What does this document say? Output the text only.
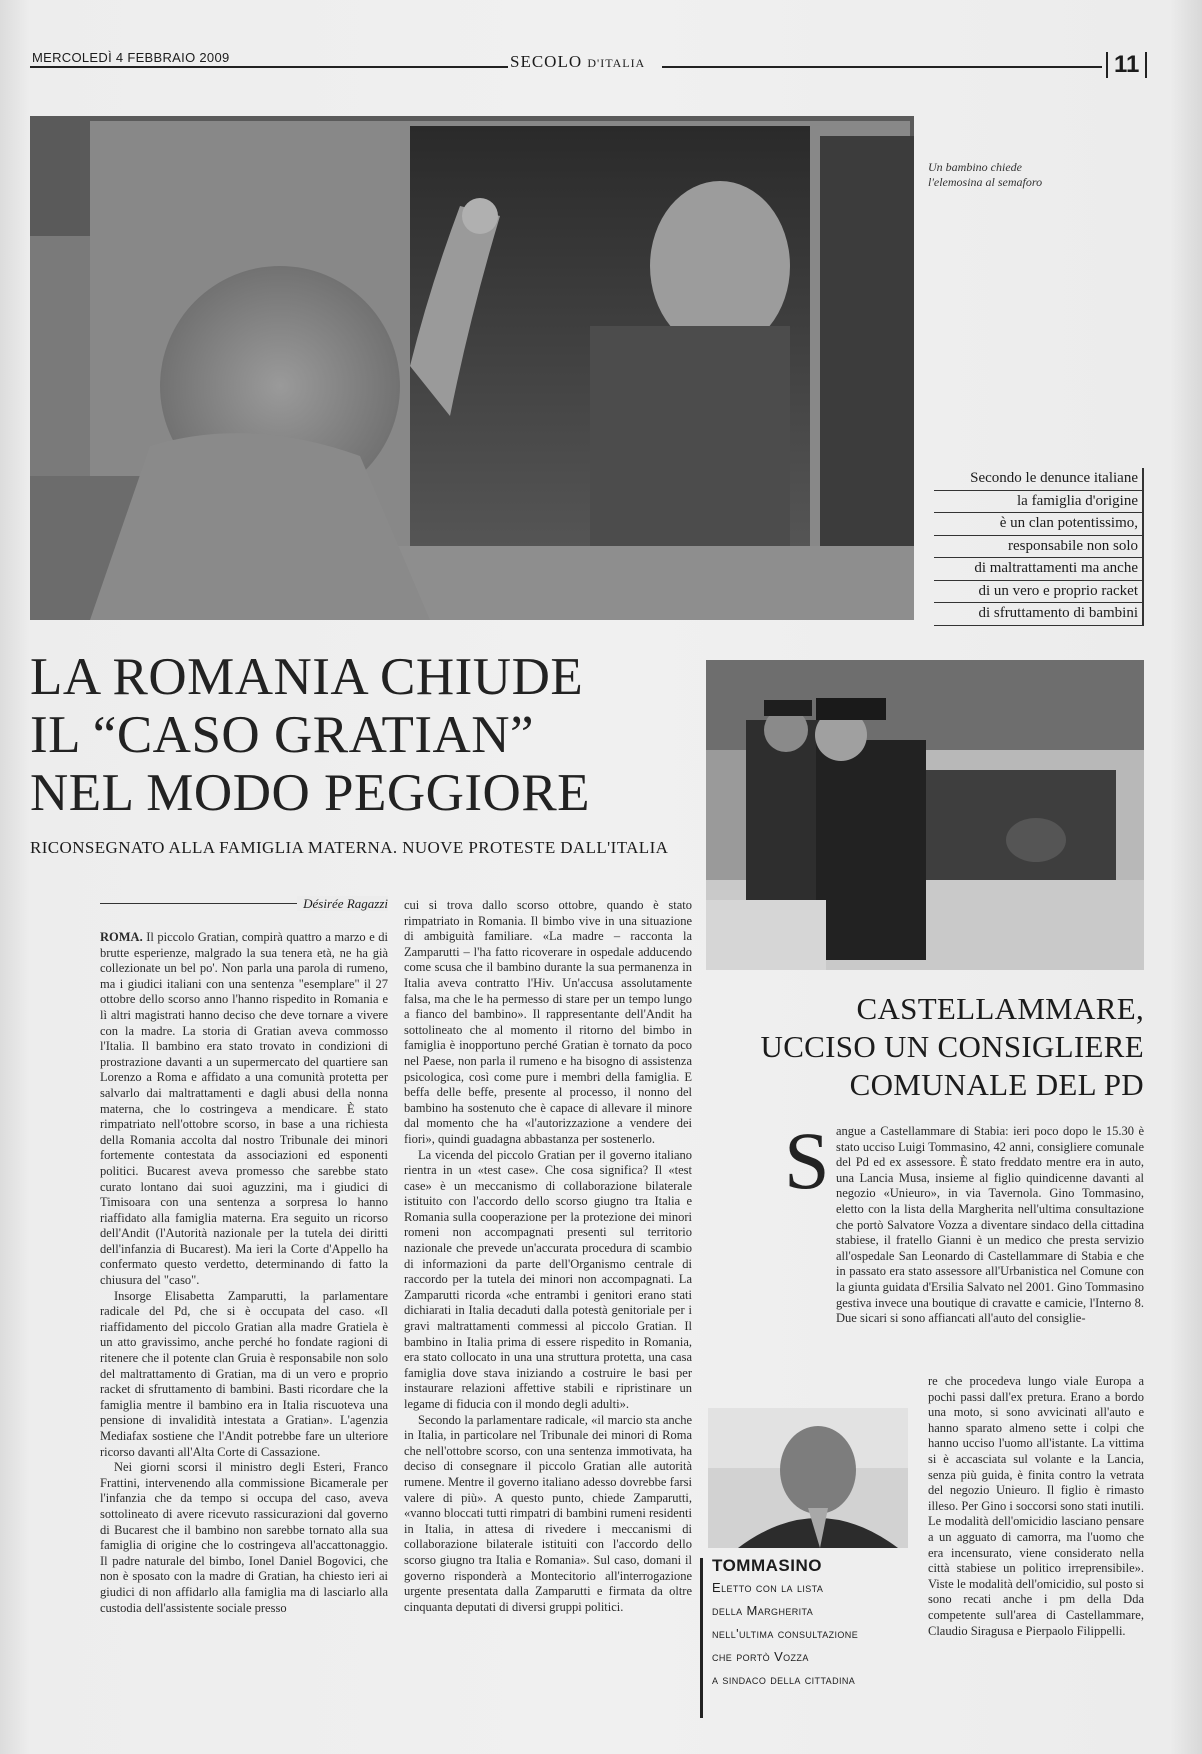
MERCOLEDÌ 4 FEBBRAIO 2009	SECOLO D'ITALIA	11
Un bambino chiede
l'elemosina al semaforo
Secondo le denunce italiane
la famiglia d'origine
è un clan potentissimo,
responsabile non solo
di maltrattamenti ma anche
di un vero e proprio racket
di sfruttamento di bambini
LA ROMANIA CHIUDE
IL “CASO GRATIAN”
NEL MODO PEGGIORE
RICONSEGNATO ALLA FAMIGLIA MATERNA. NUOVE PROTESTE DALL'ITALIA
Désirée Ragazzi

ROMA. Il piccolo Gratian, compirà quattro a marzo e di brutte esperienze, malgrado la sua tenera età, ne ha già collezionate un bel po'. Non parla una parola di rumeno, ma i giudici italiani con una sentenza "esemplare" il 27 ottobre dello scorso anno l'hanno rispedito in Romania e lì altri magistrati hanno deciso che deve tornare a vivere con la madre. La storia di Gratian aveva commosso l'Italia. Il bambino era stato trovato in condizioni di prostrazione davanti a un supermercato del quartiere san Lorenzo a Roma e affidato a una comunità protetta per salvarlo dai maltrattamenti e dagli abusi della nonna materna, che lo costringeva a mendicare. È stato rimpatriato nell'ottobre scorso, in base a una richiesta della Romania accolta dal nostro Tribunale dei minori fortemente contestata da associazioni ed esponenti politici. Bucarest aveva promesso che sarebbe stato curato lontano dai suoi aguzzini, ma i giudici di Timisoara con una sentenza a sorpresa lo hanno riaffidato alla famiglia materna. Era seguito un ricorso dell'Andit (l'Autorità nazionale per la tutela dei diritti dell'infanzia di Bucarest). Ma ieri la Corte d'Appello ha confermato questo verdetto, determinando di fatto la chiusura del "caso".

Insorge Elisabetta Zamparutti, la parlamentare radicale del Pd, che si è occupata del caso. «Il riaffidamento del piccolo Gratian alla madre Gratiela è un atto gravissimo, anche perché ho fondate ragioni di ritenere che il potente clan Gruia è responsabile non solo del maltrattamento di Gratian, ma di un vero e proprio racket di sfruttamento di bambini. Basti ricordare che la famiglia mentre il bambino era in Italia riscuoteva una pensione di invalidità intestata a Gratian». L'agenzia Mediafax sostiene che l'Andit potrebbe fare un ulteriore ricorso davanti all'Alta Corte di Cassazione.

Nei giorni scorsi il ministro degli Esteri, Franco Frattini, intervenendo alla commissione Bicamerale per l'infanzia che da tempo si occupa del caso, aveva sottolineato di avere ricevuto rassicurazioni dal governo di Bucarest che il bambino non sarebbe tornato alla sua famiglia di origine che lo costringeva all'accattonaggio. Il padre naturale del bimbo, Ionel Daniel Bogovici, che non è sposato con la madre di Gratian, ha chiesto ieri ai giudici di non affidarlo alla famiglia ma di lasciarlo alla custodia dell'assistente sociale presso

cui si trova dallo scorso ottobre, quando è stato rimpatriato in Romania. Il bimbo vive in una situazione di ambiguità familiare. «La madre – racconta la Zamparutti – l'ha fatto ricoverare in ospedale adducendo come scusa che il bambino durante la sua permanenza in Italia aveva contratto l'Hiv. Un'accusa assolutamente falsa, ma che le ha permesso di stare per un tempo lungo a fianco del bambino». Il rappresentante dell'Andit ha sottolineato che al momento il ritorno del bimbo in famiglia è inopportuno perché Gratian è tornato da poco nel Paese, non parla il rumeno e ha bisogno di assistenza psicologica, così come pure i membri della famiglia. E beffa delle beffe, presente al processo, il nonno del bambino ha sostenuto che è capace di allevare il minore dal momento che ha «l'autorizzazione a vendere dei fiori», quindi guadagna abbastanza per sostenerlo.

La vicenda del piccolo Gratian per il governo italiano rientra in un «test case». Che cosa significa? Il «test case» è un meccanismo di collaborazione bilaterale istituito con l'accordo dello scorso giugno tra Italia e Romania sulla cooperazione per la protezione dei minori romeni non accompagnati presenti sul territorio nazionale che prevede un'accurata procedura di scambio di informazioni da parte dell'Organismo centrale di raccordo per la tutela dei minori non accompagnati. La Zamparutti ricorda «che entrambi i genitori erano stati dichiarati in Italia decaduti dalla potestà genitoriale per i gravi maltrattamenti commessi al piccolo Gratian. Il bambino in Italia prima di essere rispedito in Romania, era stato collocato in una una struttura protetta, una casa famiglia dove stava iniziando a costruire le basi per instaurare relazioni affettive stabili e ripristinare un legame di fiducia con il mondo degli adulti».

Secondo la parlamentare radicale, «il marcio sta anche in Italia, in particolare nel Tribunale dei minori di Roma che nell'ottobre scorso, con una sentenza immotivata, ha deciso di consegnare il piccolo Gratian alle autorità rumene. Mentre il governo italiano adesso dovrebbe farsi valere di più». A questo punto, chiede Zamparutti, «vanno bloccati tutti rimpatri di bambini rumeni residenti in Italia, in attesa di rivedere i meccanismi di collaborazione bilaterale istituiti con l'accordo dello scorso giugno tra Italia e Romania». Sul caso, domani il governo risponderà a Montecitorio all'interrogazione urgente presentata dalla Zamparutti e firmata da oltre cinquanta deputati di diversi gruppi politici.

CASTELLAMMARE,
UCCISO UN CONSIGLIERE
COMUNALE DEL PD
S angue a Castellammare di Stabia: ieri poco dopo le 15.30 è stato ucciso Luigi Tommasino, 42 anni, consigliere comunale del Pd ed ex assessore. È stato freddato mentre era in auto, una Lancia Musa, insieme al figlio quindicenne davanti al negozio «Unieuro», in via Tavernola. Gino Tommasino, eletto con la lista della Margherita nell'ultima consultazione che portò Salvatore Vozza a diventare sindaco della cittadina stabiese, il fratello Gianni è un medico che presta servizio all'ospedale San Leonardo di Castellammare di Stabia e che in passato era stato assessore all'Urbanistica nel Comune con la giunta guidata d'Ersilia Salvato nel 2001. Gino Tommasino gestiva invece una boutique di cravatte e camicie, l'Interno 8. Due sicari si sono affiancati all'auto del consiglie-

re che procedeva lungo viale Europa a pochi passi dall'ex pretura. Erano a bordo una moto, si sono avvicinati all'auto e hanno sparato almeno sette i colpi che hanno ucciso l'uomo all'istante. La vittima si è accasciata sul volante e la Lancia, senza più guida, è finita contro la vetrata del negozio Unieuro. Il figlio è rimasto illeso. Per Gino i soccorsi sono stati inutili. Le modalità dell'omicidio lasciano pensare a un agguato di camorra, ma l'uomo che era incensurato, viene considerato nella città stabiese un politico irreprensibile». Viste le modalità dell'omicidio, sul posto si sono recati anche i pm della Dda competente sull'area di Castellammare, Claudio Siragusa e Pierpaolo Filippelli.

TOMMASINO
Eletto con la lista
della Margherita
nell'ultima consultazione
che portò Vozza
a sindaco della cittadina
